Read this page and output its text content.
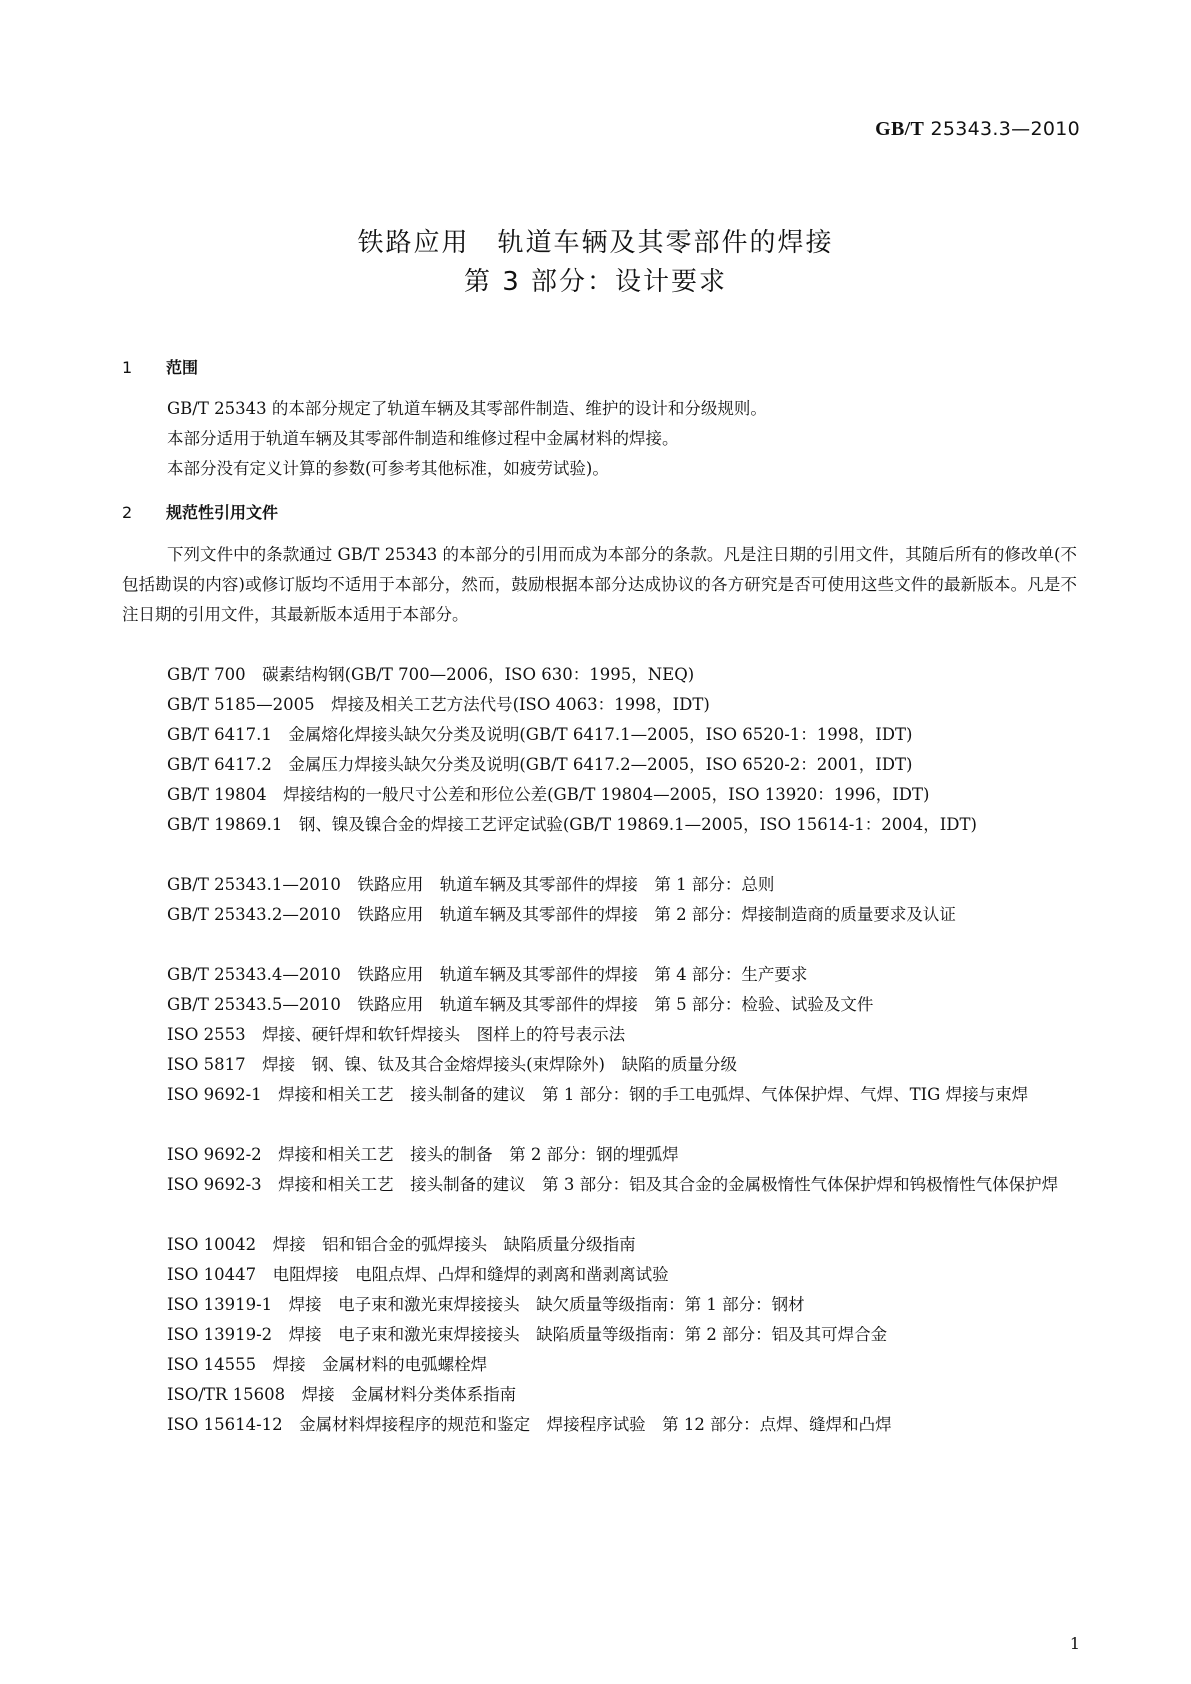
GB/T 25343.3—2010
铁路应用　轨道车辆及其零部件的焊接
第 3 部分：设计要求
1 范围
GB/T 25343 的本部分规定了轨道车辆及其零部件制造、维护的设计和分级规则。
本部分适用于轨道车辆及其零部件制造和维修过程中金属材料的焊接。
本部分没有定义计算的参数(可参考其他标准，如疲劳试验)。
2 规范性引用文件
下列文件中的条款通过 GB/T 25343 的本部分的引用而成为本部分的条款。凡是注日期的引用文件，其随后所有的修改单(不包括勘误的内容)或修订版均不适用于本部分，然而，鼓励根据本部分达成协议的各方研究是否可使用这些文件的最新版本。凡是不注日期的引用文件，其最新版本适用于本部分。
GB/T 700　碳素结构钢(GB/T 700—2006，ISO 630：1995，NEQ)
GB/T 5185—2005　焊接及相关工艺方法代号(ISO 4063：1998，IDT)
GB/T 6417.1　金属熔化焊接头缺欠分类及说明(GB/T 6417.1—2005，ISO 6520-1：1998，IDT)
GB/T 6417.2　金属压力焊接头缺欠分类及说明(GB/T 6417.2—2005，ISO 6520-2：2001，IDT)
GB/T 19804　焊接结构的一般尺寸公差和形位公差(GB/T 19804—2005，ISO 13920：1996，IDT)
GB/T 19869.1　钢、镍及镍合金的焊接工艺评定试验(GB/T 19869.1—2005，ISO 15614-1：2004，IDT)
GB/T 25343.1—2010　铁路应用　轨道车辆及其零部件的焊接　第 1 部分：总则
GB/T 25343.2—2010　铁路应用　轨道车辆及其零部件的焊接　第 2 部分：焊接制造商的质量要求及认证
GB/T 25343.4—2010　铁路应用　轨道车辆及其零部件的焊接　第 4 部分：生产要求
GB/T 25343.5—2010　铁路应用　轨道车辆及其零部件的焊接　第 5 部分：检验、试验及文件
ISO 2553　焊接、硬钎焊和软钎焊接头　图样上的符号表示法
ISO 5817　焊接　钢、镍、钛及其合金熔焊接头(束焊除外)　缺陷的质量分级
ISO 9692-1　焊接和相关工艺　接头制备的建议　第 1 部分：钢的手工电弧焊、气体保护焊、气焊、TIG 焊接与束焊
ISO 9692-2　焊接和相关工艺　接头的制备　第 2 部分：钢的埋弧焊
ISO 9692-3　焊接和相关工艺　接头制备的建议　第 3 部分：铝及其合金的金属极惰性气体保护焊和钨极惰性气体保护焊
ISO 10042　焊接　铝和铝合金的弧焊接头　缺陷质量分级指南
ISO 10447　电阻焊接　电阻点焊、凸焊和缝焊的剥离和凿剥离试验
ISO 13919-1　焊接　电子束和激光束焊接接头　缺欠质量等级指南：第 1 部分：钢材
ISO 13919-2　焊接　电子束和激光束焊接接头　缺陷质量等级指南：第 2 部分：铝及其可焊合金
ISO 14555　焊接　金属材料的电弧螺栓焊
ISO/TR 15608　焊接　金属材料分类体系指南
ISO 15614-12　金属材料焊接程序的规范和鉴定　焊接程序试验　第 12 部分：点焊、缝焊和凸焊
1
